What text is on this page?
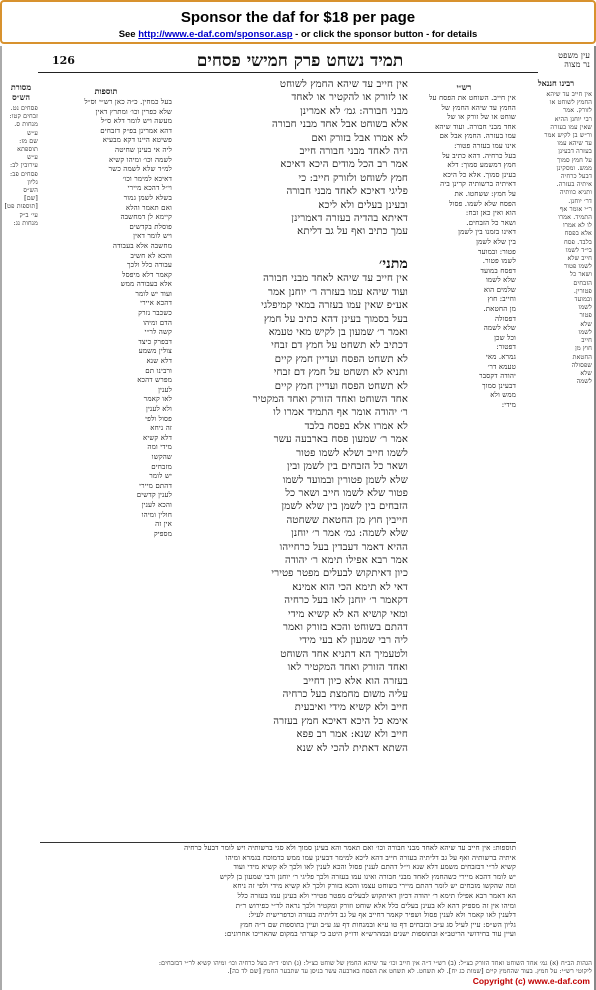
Sponsor the daf for $18 per page
See http://www.e-daf.com/sponsor.asp - or click the sponsor button - for details
126	תמיד נשחט פרק חמישי פסחים	עין משפט
נר מצוה
מסורת הש״ס
פסחים נט.
זבחים קטו:
מנחות ס.
ע״ש
שם מז:
תוספתא
ע״ש
עירובין לב:
פסחים פב:
גליון
הש״ס
[שם]
[תוספות פט]
עי׳ ב״ק
מנחות נג:
תוספות
בעל כמחין. כ״ה כאן רש״י וס״ל
שלא כפרין וכו׳ ומתרץ דאין
מעשה ויש לומר דלא ס״ל
דהא אמרינן בפ״ק דזבחים
פשיטא היינו דקא מבעיא
ליה אי בעינן שחיטה
לשמה וכו׳ ומיהו קשיא
למ״ד שלא לשמה כשר
דאיכא למימר וכו׳
וי״ל דהכא מיירי
בשלא לשמן גמור
ואם תאמר והלא
קיימא לן דמחשבה
פוסלת בקדשים
ויש לומר דאין
מחשבה אלא בעבודה
והכא לא חשיב
עבודה כלל ולכך
קאמר דלא מיפסל
אלא בעבודה ממש
ועוד יש לומר
דהכא איירי
כשכבר נזרק
הדם ומיהו
קשה לר״י
דבפרק כיצד
צולין משמע
דלא שנא
ורבינו תם
מפרש דהכא
לענין
לאו קאמר
ולא לענין
פסול ולפי
זה ניחא
דלא קשיא
מידי ומה
שהקשו
מזבחים
יש לומר
דהתם מיירי
לענין קדשים
והכא לענין
חולין ומיהו
אין זה
מספיק
אין חייב עד שיהא החמץ לשוחט
או לזורק או להקטיר או לאחד
מבני חבורה: גמ׳ לא אמרינן
אלא בשוחט אבל אחד מבני חבורה
לא אמרו אבל בזורק ואם
היה לאחד מבני חבורה חייב
אמר רב הכל מודים היכא דאיכא
חמץ לשוחט ולזורק חייב: כי
פליגי דאיכא לאחד מבני חבורה
ובעינן בעלים ולא ליכא
דאיתא בהדיה בעזרה דאמרינן
עמך כתיב ואף על גב דליתא
מתני׳
אין חייב עד שיהא לאחד מבני חבורה
ועוד שיהא עמו בעזרה ר׳ יוחנן אמר
אע״פ שאין עמו בעזרה במאי קמיפלגי
בעל בסמוך בעינן דהא כתיב על חמץ
ואמר ר׳ שמעון בן לקיש מאי טעמא
דכתיב לא תשחט על חמץ דם זבחי
לא תשחט הפסח ועדיין חמץ קיים
ותניא לא תשחט על חמץ דם זבחי
לא תשחט הפסח ועדיין חמץ קיים
אחד השוחט ואחד הזורק ואחד המקטיר
ר׳ יהודה אומר אף התמיד אמרו לו
לא אמרו אלא בפסח בלבד
אמר ר׳ שמעון פסח בארבעה עשר
לשמו חייב ושלא לשמו פטור
ושאר כל הזבחים בין לשמן ובין
שלא לשמן פטורין ובמועד לשמו
פטור שלא לשמו חייב ושאר כל
הזבחים בין לשמן בין שלא לשמן
חייבין חוץ מן החטאת ששחטה
שלא לשמה: גמ׳ אמר ר׳ יוחנן
ההיא דאמר דעבדין בעל כרחייהו
אמר רבא אפילו תימא ר׳ יהודה
כיון דאיתקוש לבעלים מפטר פטירי
דאי לא תימא הכי הוא אמינא
דקאמר ר׳ יוחנן לאו בעל כרחיה
ומאי קושיא הא לא קשיא מידי
דהתם בשוחט והכא בזורק ואמר
ליה רבי שמעון לא בעי מידי
ולטעמיך הא דתניא אחד השוחט
ואחד הזורק ואחד המקטיר לאו
בעזרה הוא אלא כיון דחייב
עליה משום מחמצת בעל כרחיה
חייב ולא קשיא מידי ואיבעית
אימא כל היכא דאיכא חמץ בעזרה
חייב ולא שנא: אמר רב פפא
השתא דאתית להכי לא שנא
רש״י
אין חייב. השוחט את הפסח על
החמץ עד שיהא החמץ של
שוחט או של זורק או של
אחד מבני חבורה. ועוד שיהא
עמו בעזרה. החמץ אבל אם
אינו עמו בעזרה פטור:
בעל כרחיה. דהא כתיב על
חמץ דמשמע סמוך: דלא
בעינן סמוך. אלא כל היכא
דאיתיה ברשותיה קרינן ביה
על חמץ: ששחטו. את
הפסח שלא לשמו. פסול
הוא ואין כאן זבח:
ושאר כל הזבחים.
דאינו בזמנו בין לשמן
בין שלא לשמן
פטור: ובמועד
לשמו פטור.
דפסח במועד
שלא לשמו
שלמים הוא
וחייב: חוץ
מן החטאת.
דפסולה
שלא לשמה
וכל שכן
דפטור:
גמרא. מאי
טעמא דר׳
יהודה דקסבר
דבעינן סמוך
ממש ולא
מידי:
רבינו חננאל
אין חייב עד שיהא
החמץ לשוחט או
לזורק. אמר
רבי יוחנן ההיא
שאין עמו בעזרה
ור״ש בן לקיש אמר
עד שיהא עמו
בעזרה דבעינן
על חמץ סמוך
ממש. ומסקינן
דבעל כרחיה
איתיה בעזרה.
ותניא כוותיה
דר׳ יוחנן.
ר״י אומר אף
התמיד. אמרו
לו לא אמרו
אלא בפסח
בלבד. פסח
בי״ד לשמו
חייב שלא
לשמו פטור
ושאר כל
הזבחים
פטורין.
ובמועד
לשמו
פטור
שלא
לשמו
חייב
חוץ מן
החטאת
שפסולה
שלא
לשמה
תוספות: אין חייב עד שיהא לאחד מבני חבורה וכו׳ ואם תאמר והא בעינן סמוך ולא סגי ברשותיה ויש לומר דבעל כרחיה
איתיה ברשותיה ואף על גב דליתיה בעזרה חייב דהא ליכא למימר דבעינן עמו ממש כדמוכח בגמרא ומיהו
קשיא לר״י דבזבחים משמע דלא שנא וי״ל דהתם לענין פסול והכא לענין לאו ולכך לא קשיא מידי ועוד
יש לומר דהכא מיירי כשהחמץ לאחד מבני חבורה ואינו עמו בעזרה ולכך פליגי ר׳ יוחנן ורבי שמעון בן לקיש
ומה שהקשו מזבחים יש לומר דהתם מיירי בשוחט עצמו והכא בזורק ולכך לא קשיא מידי ולפי זה ניחא
הא דאמר רבא אפילו תימא ר׳ יהודה דכיון דאיתקוש לבעלים מפטר פטירי ולא בעינן עמו בעזרה כלל
ומיהו אין זה מספיק דהא לא בעינן בעלים כלל אלא שוחט וזורק ומקטיר ולכך נראה לר״י כפירוש ר״ת
דלענין לאו קאמר ולא לענין פסול ושפיר קאמר דחייב אף על גב דליתיה בעזרה וכדפרישית לעיל:
גליון הש״ס: עיין לעיל סג ע״ב ובזבחים דף טו ע״א ובמנחות דף עג ע״ב ועיין בתוספות שם ד״ה חמץ
ועיין עוד בחידושי הריטב״א ובתוספות ישנים ובמהרש״א ודו״ק היטב כי קצרתי במקום שהאריכו אחרונים:
הגהות הב״ח (א) גמ׳ אחד השוחט ואחד הזורק כצ״ל: (ב) רש״י ד״ה אין חייב וכו׳ עד שיהא החמץ של שוחט כצ״ל: (ג) תוס׳ ד״ה בעל כרחיה וכו׳ ומיהו קשיא לר״י דבזבחים:
ליקוטי רש״י: על חמץ. בעוד שהחמץ קיים [שמות כג יח]. לא תשחט. לא תשחט את הפסח בארבעה עשר בניסן עד שתבער החמץ [שם לד כה].
Copyright (c) www.e-daf.com
